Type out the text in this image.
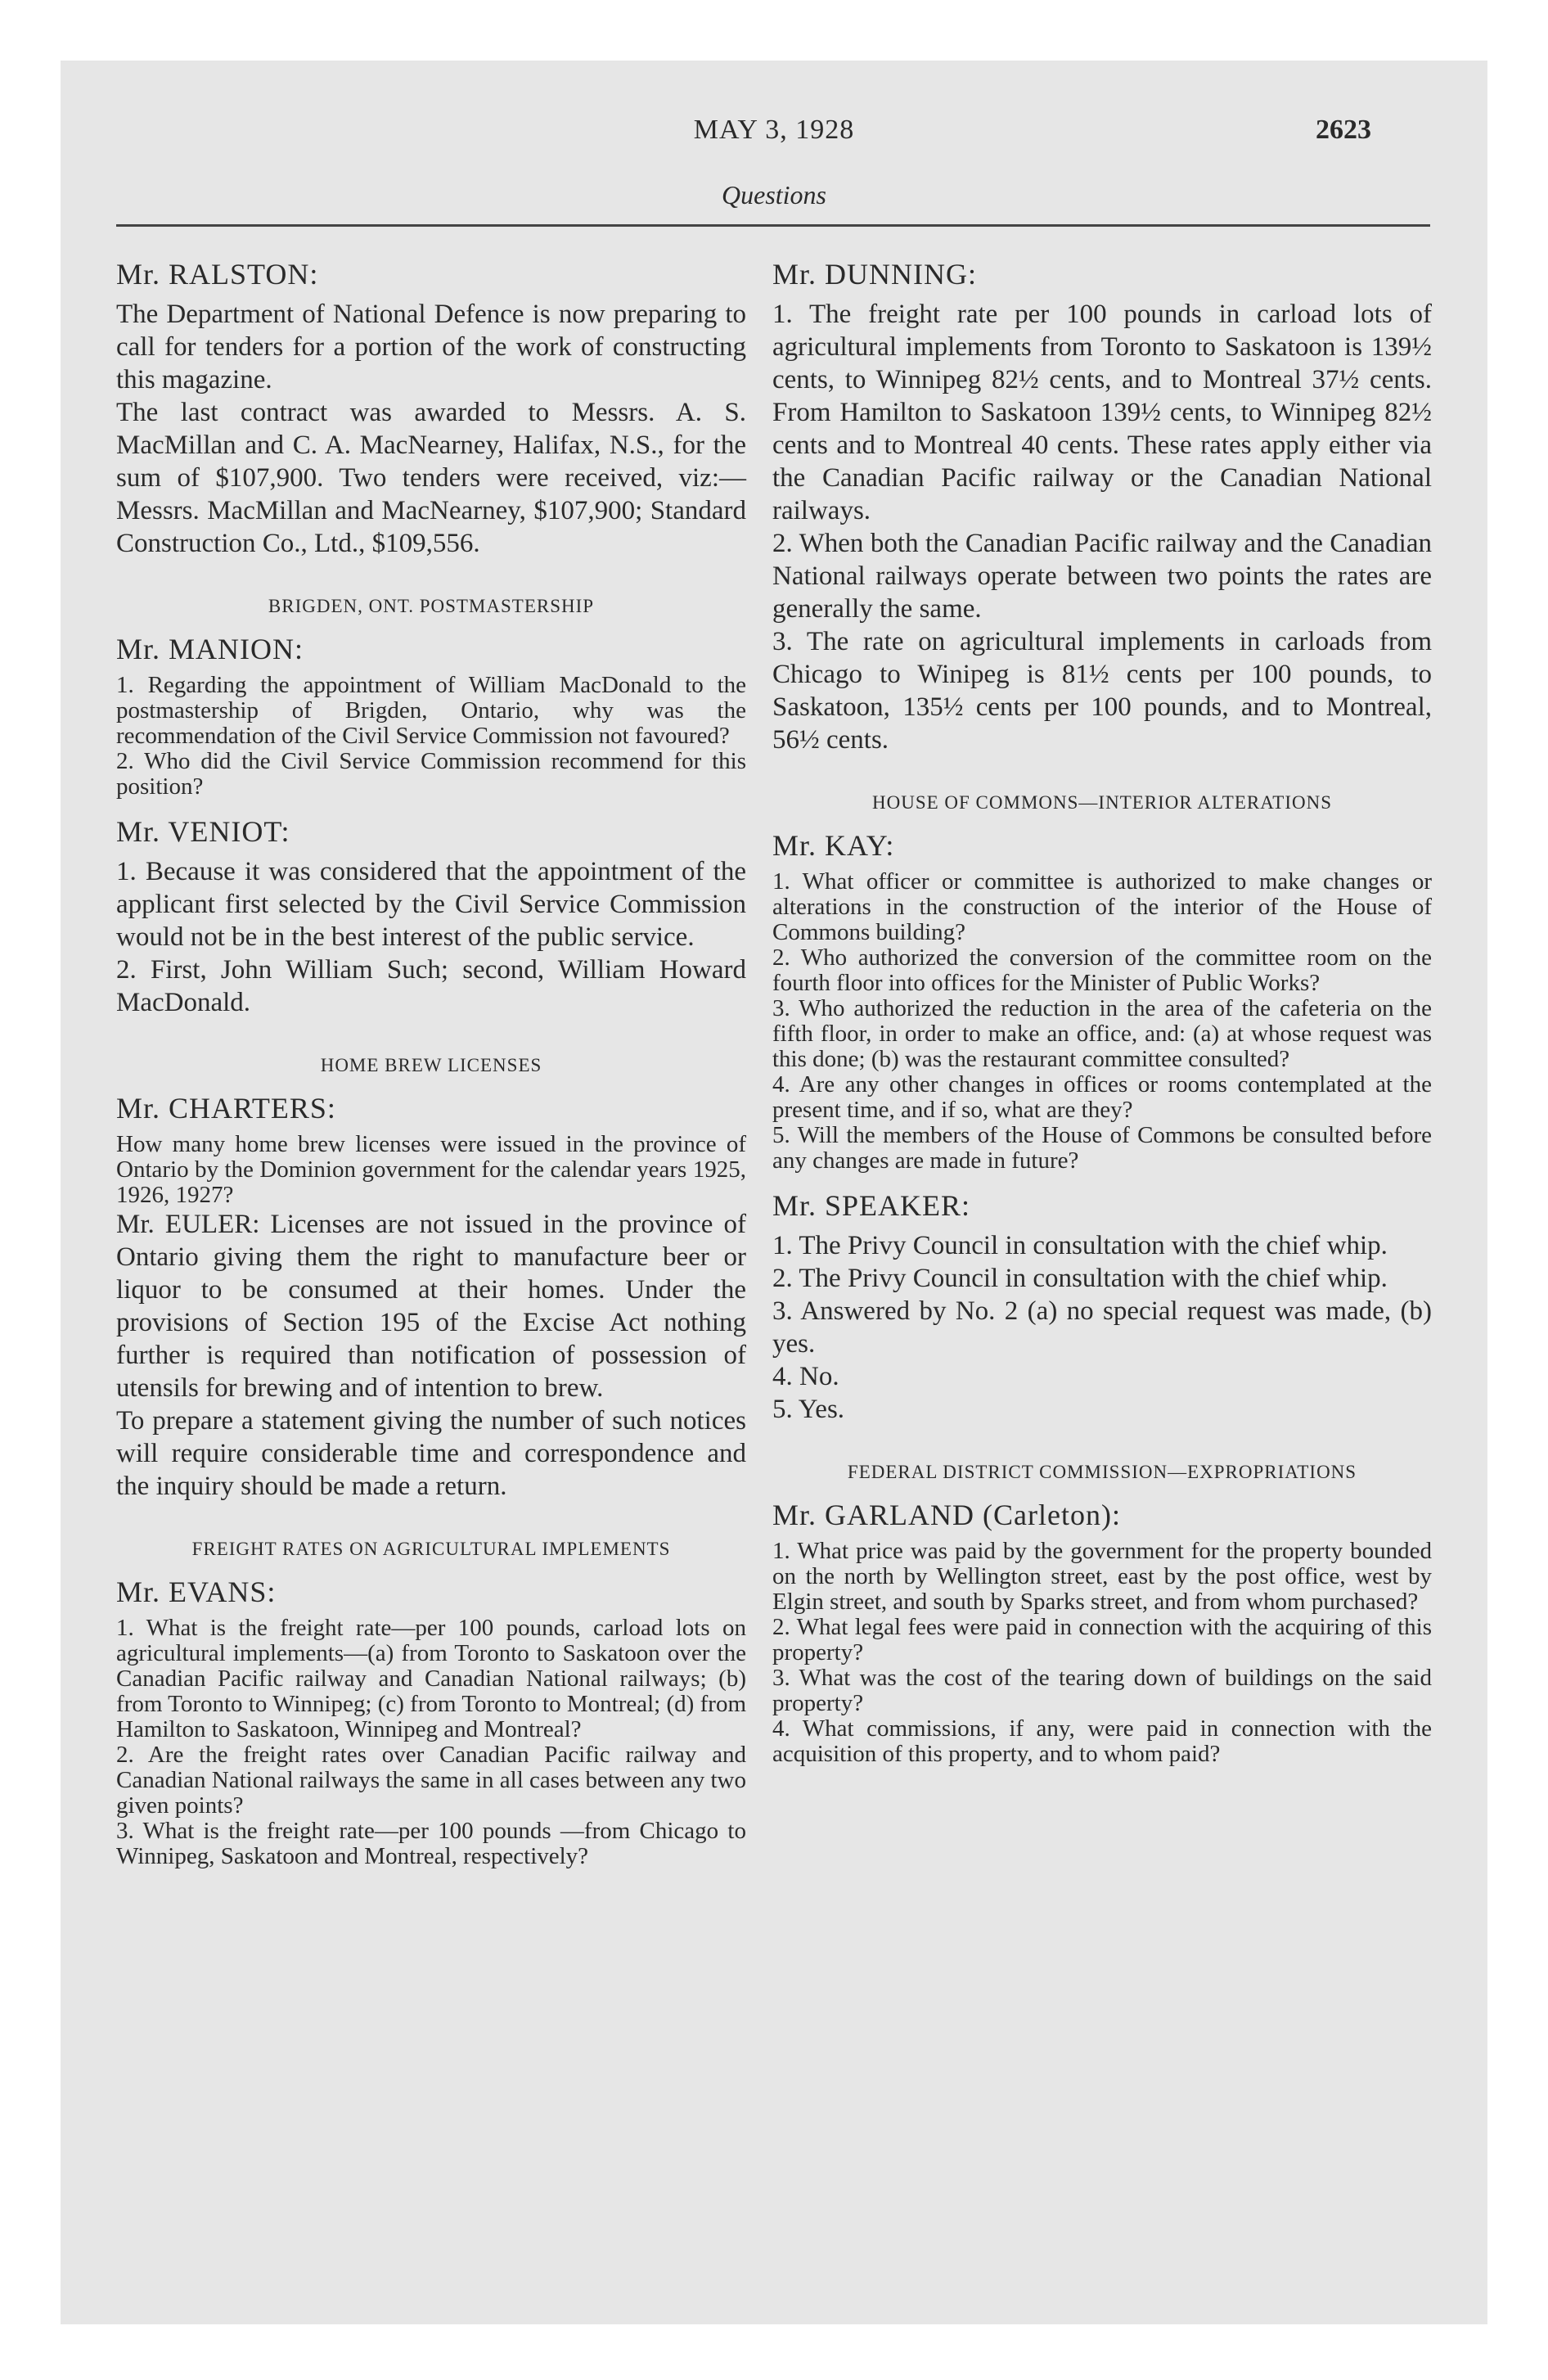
MAY 3, 1928	2623
Questions
Mr. RALSTON:
The Department of National Defence is now preparing to call for tenders for a portion of the work of constructing this magazine.
The last contract was awarded to Messrs. A. S. MacMillan and C. A. MacNearney, Halifax, N.S., for the sum of $107,900. Two tenders were received, viz:—Messrs. MacMillan and MacNearney, $107,900; Standard Construction Co., Ltd., $109,556.
BRIGDEN, ONT. POSTMASTERSHIP
Mr. MANION:
1. Regarding the appointment of William MacDonald to the postmastership of Brigden, Ontario, why was the recommendation of the Civil Service Commission not favoured?
2. Who did the Civil Service Commission recommend for this position?
Mr. VENIOT:
1. Because it was considered that the appointment of the applicant first selected by the Civil Service Commission would not be in the best interest of the public service.
2. First, John William Such; second, William Howard MacDonald.
HOME BREW LICENSES
Mr. CHARTERS:
How many home brew licenses were issued in the province of Ontario by the Dominion government for the calendar years 1925, 1926, 1927?
Mr. EULER: Licenses are not issued in the province of Ontario giving them the right to manufacture beer or liquor to be consumed at their homes. Under the provisions of Section 195 of the Excise Act nothing further is required than notification of possession of utensils for brewing and of intention to brew.
To prepare a statement giving the number of such notices will require considerable time and correspondence and the inquiry should be made a return.
FREIGHT RATES ON AGRICULTURAL IMPLEMENTS
Mr. EVANS:
1. What is the freight rate—per 100 pounds, carload lots on agricultural implements—(a) from Toronto to Saskatoon over the Canadian Pacific railway and Canadian National railways; (b) from Toronto to Winnipeg; (c) from Toronto to Montreal; (d) from Hamilton to Saskatoon, Winnipeg and Montreal?
2. Are the freight rates over Canadian Pacific railway and Canadian National railways the same in all cases between any two given points?
3. What is the freight rate—per 100 pounds —from Chicago to Winnipeg, Saskatoon and Montreal, respectively?
Mr. DUNNING:
1. The freight rate per 100 pounds in carload lots of agricultural implements from Toronto to Saskatoon is 139½ cents, to Winnipeg 82½ cents, and to Montreal 37½ cents. From Hamilton to Saskatoon 139½ cents, to Winnipeg 82½ cents and to Montreal 40 cents. These rates apply either via the Canadian Pacific railway or the Canadian National railways.
2. When both the Canadian Pacific railway and the Canadian National railways operate between two points the rates are generally the same.
3. The rate on agricultural implements in carloads from Chicago to Winipeg is 81½ cents per 100 pounds, to Saskatoon, 135½ cents per 100 pounds, and to Montreal, 56½ cents.
HOUSE OF COMMONS—INTERIOR ALTERATIONS
Mr. KAY:
1. What officer or committee is authorized to make changes or alterations in the construction of the interior of the House of Commons building?
2. Who authorized the conversion of the committee room on the fourth floor into offices for the Minister of Public Works?
3. Who authorized the reduction in the area of the cafeteria on the fifth floor, in order to make an office, and: (a) at whose request was this done; (b) was the restaurant committee consulted?
4. Are any other changes in offices or rooms contemplated at the present time, and if so, what are they?
5. Will the members of the House of Commons be consulted before any changes are made in future?
Mr. SPEAKER:
1. The Privy Council in consultation with the chief whip.
2. The Privy Council in consultation with the chief whip.
3. Answered by No. 2 (a) no special request was made, (b) yes.
4. No.
5. Yes.
FEDERAL DISTRICT COMMISSION—EXPROPRIATIONS
Mr. GARLAND (Carleton):
1. What price was paid by the government for the property bounded on the north by Wellington street, east by the post office, west by Elgin street, and south by Sparks street, and from whom purchased?
2. What legal fees were paid in connection with the acquiring of this property?
3. What was the cost of the tearing down of buildings on the said property?
4. What commissions, if any, were paid in connection with the acquisition of this property, and to whom paid?
